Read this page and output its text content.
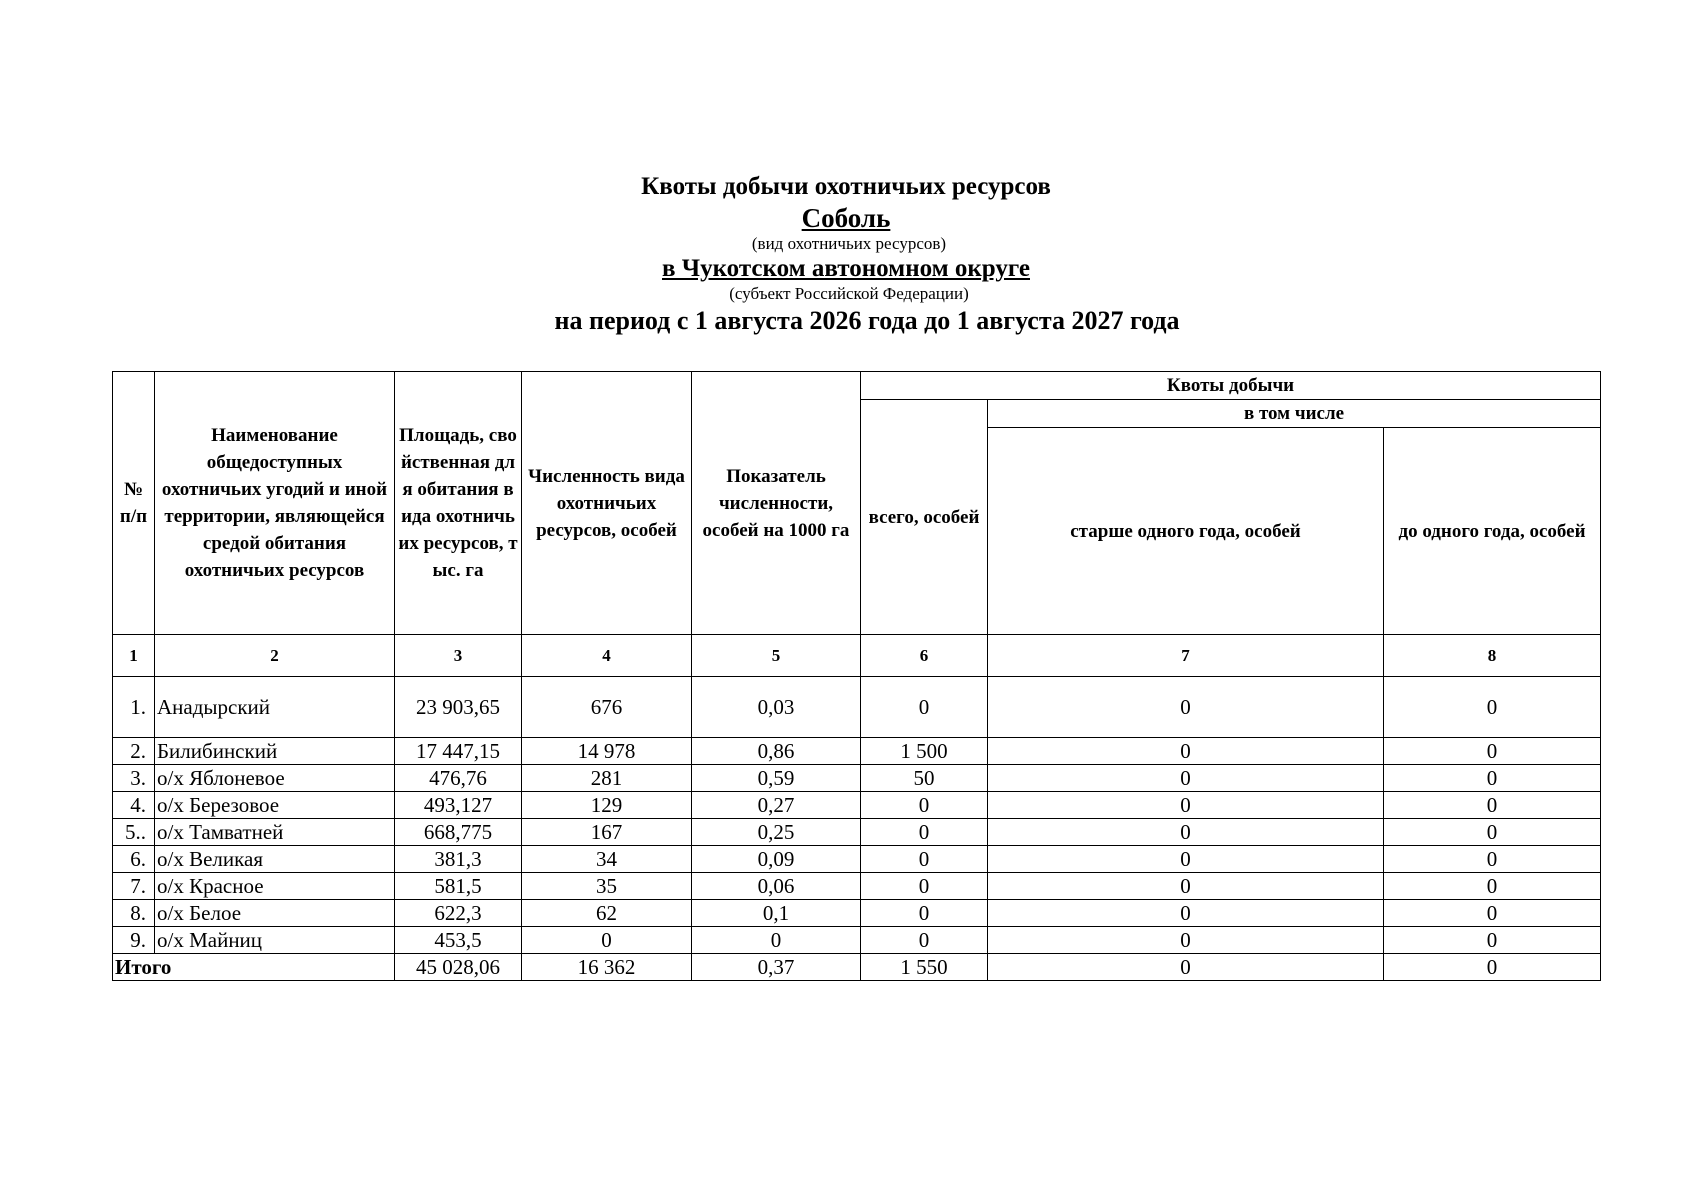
Квоты добычи охотничьих ресурсов
Соболь
(вид охотничьих ресурсов)
в Чукотском автономном округе
(субъект Российской Федерации)
на период с 1 августа 2026 года до 1 августа 2027 года
№ п/п	Наименование общедоступных охотничьих угодий и иной территории, являющейся средой обитания охотничьих ресурсов	Площадь, свойственная для обитания вида охотничьих ресурсов, тыс. га	Численность вида охотничьих ресурсов, особей	Показатель численности, особей на 1000 га	Квоты добычи		
					всего, особей	в том числе	
						старше одного года, особей	до одного года, особей
1	2	3	4	5	6	7	8
1.	Анадырский	23 903,65	676	0,03	0	0	0
2.	Билибинский	17 447,15	14 978	0,86	1 500	0	0
3.	о/х Яблоневое	476,76	281	0,59	50	0	0
4.	о/х Березовое	493,127	129	0,27	0	0	0
5..	о/х Тамватней	668,775	167	0,25	0	0	0
6.	о/х Великая	381,3	34	0,09	0	0	0
7.	о/х Красное	581,5	35	0,06	0	0	0
8.	о/х Белое	622,3	62	0,1	0	0	0
9.	о/х Майниц	453,5	0	0	0	0	0
Итого		45 028,06	16 362	0,37	1 550	0	0
